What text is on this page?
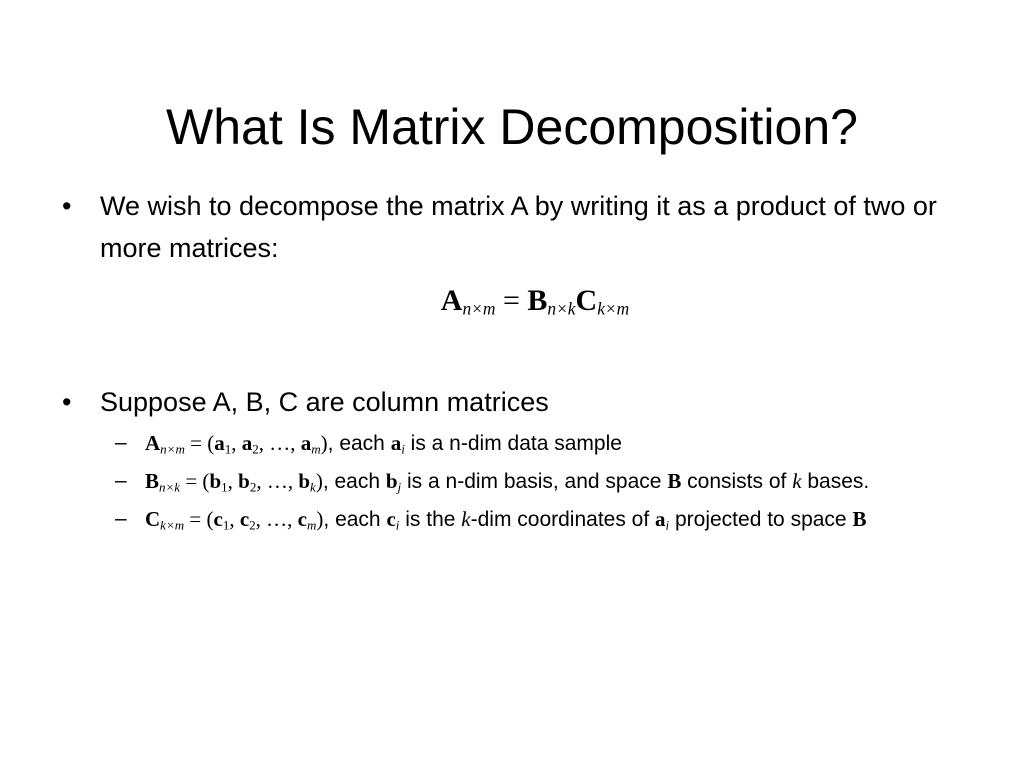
What Is Matrix Decomposition?
• We wish to decompose the matrix A by writing it as a product of two or more matrices:
$A_{n\times m} = B_{n\times k}C_{k\times m}$
• Suppose A, B, C are column matrices
– $A_{n\times m} = (a_1$, $a_2$, …, $a_m$), each $a_i$ is a n-dim data sample
– $B_{n\times k} = (b_1$, $b_2$, …, $b_k$), each $b_j$ is a n-dim basis, and space B consists of k bases.
– $C_{k\times m} = (c_1$, $c_2$, …, $c_m$), each $c_i$ is the k-dim coordinates of $a_i$ projected to space B
